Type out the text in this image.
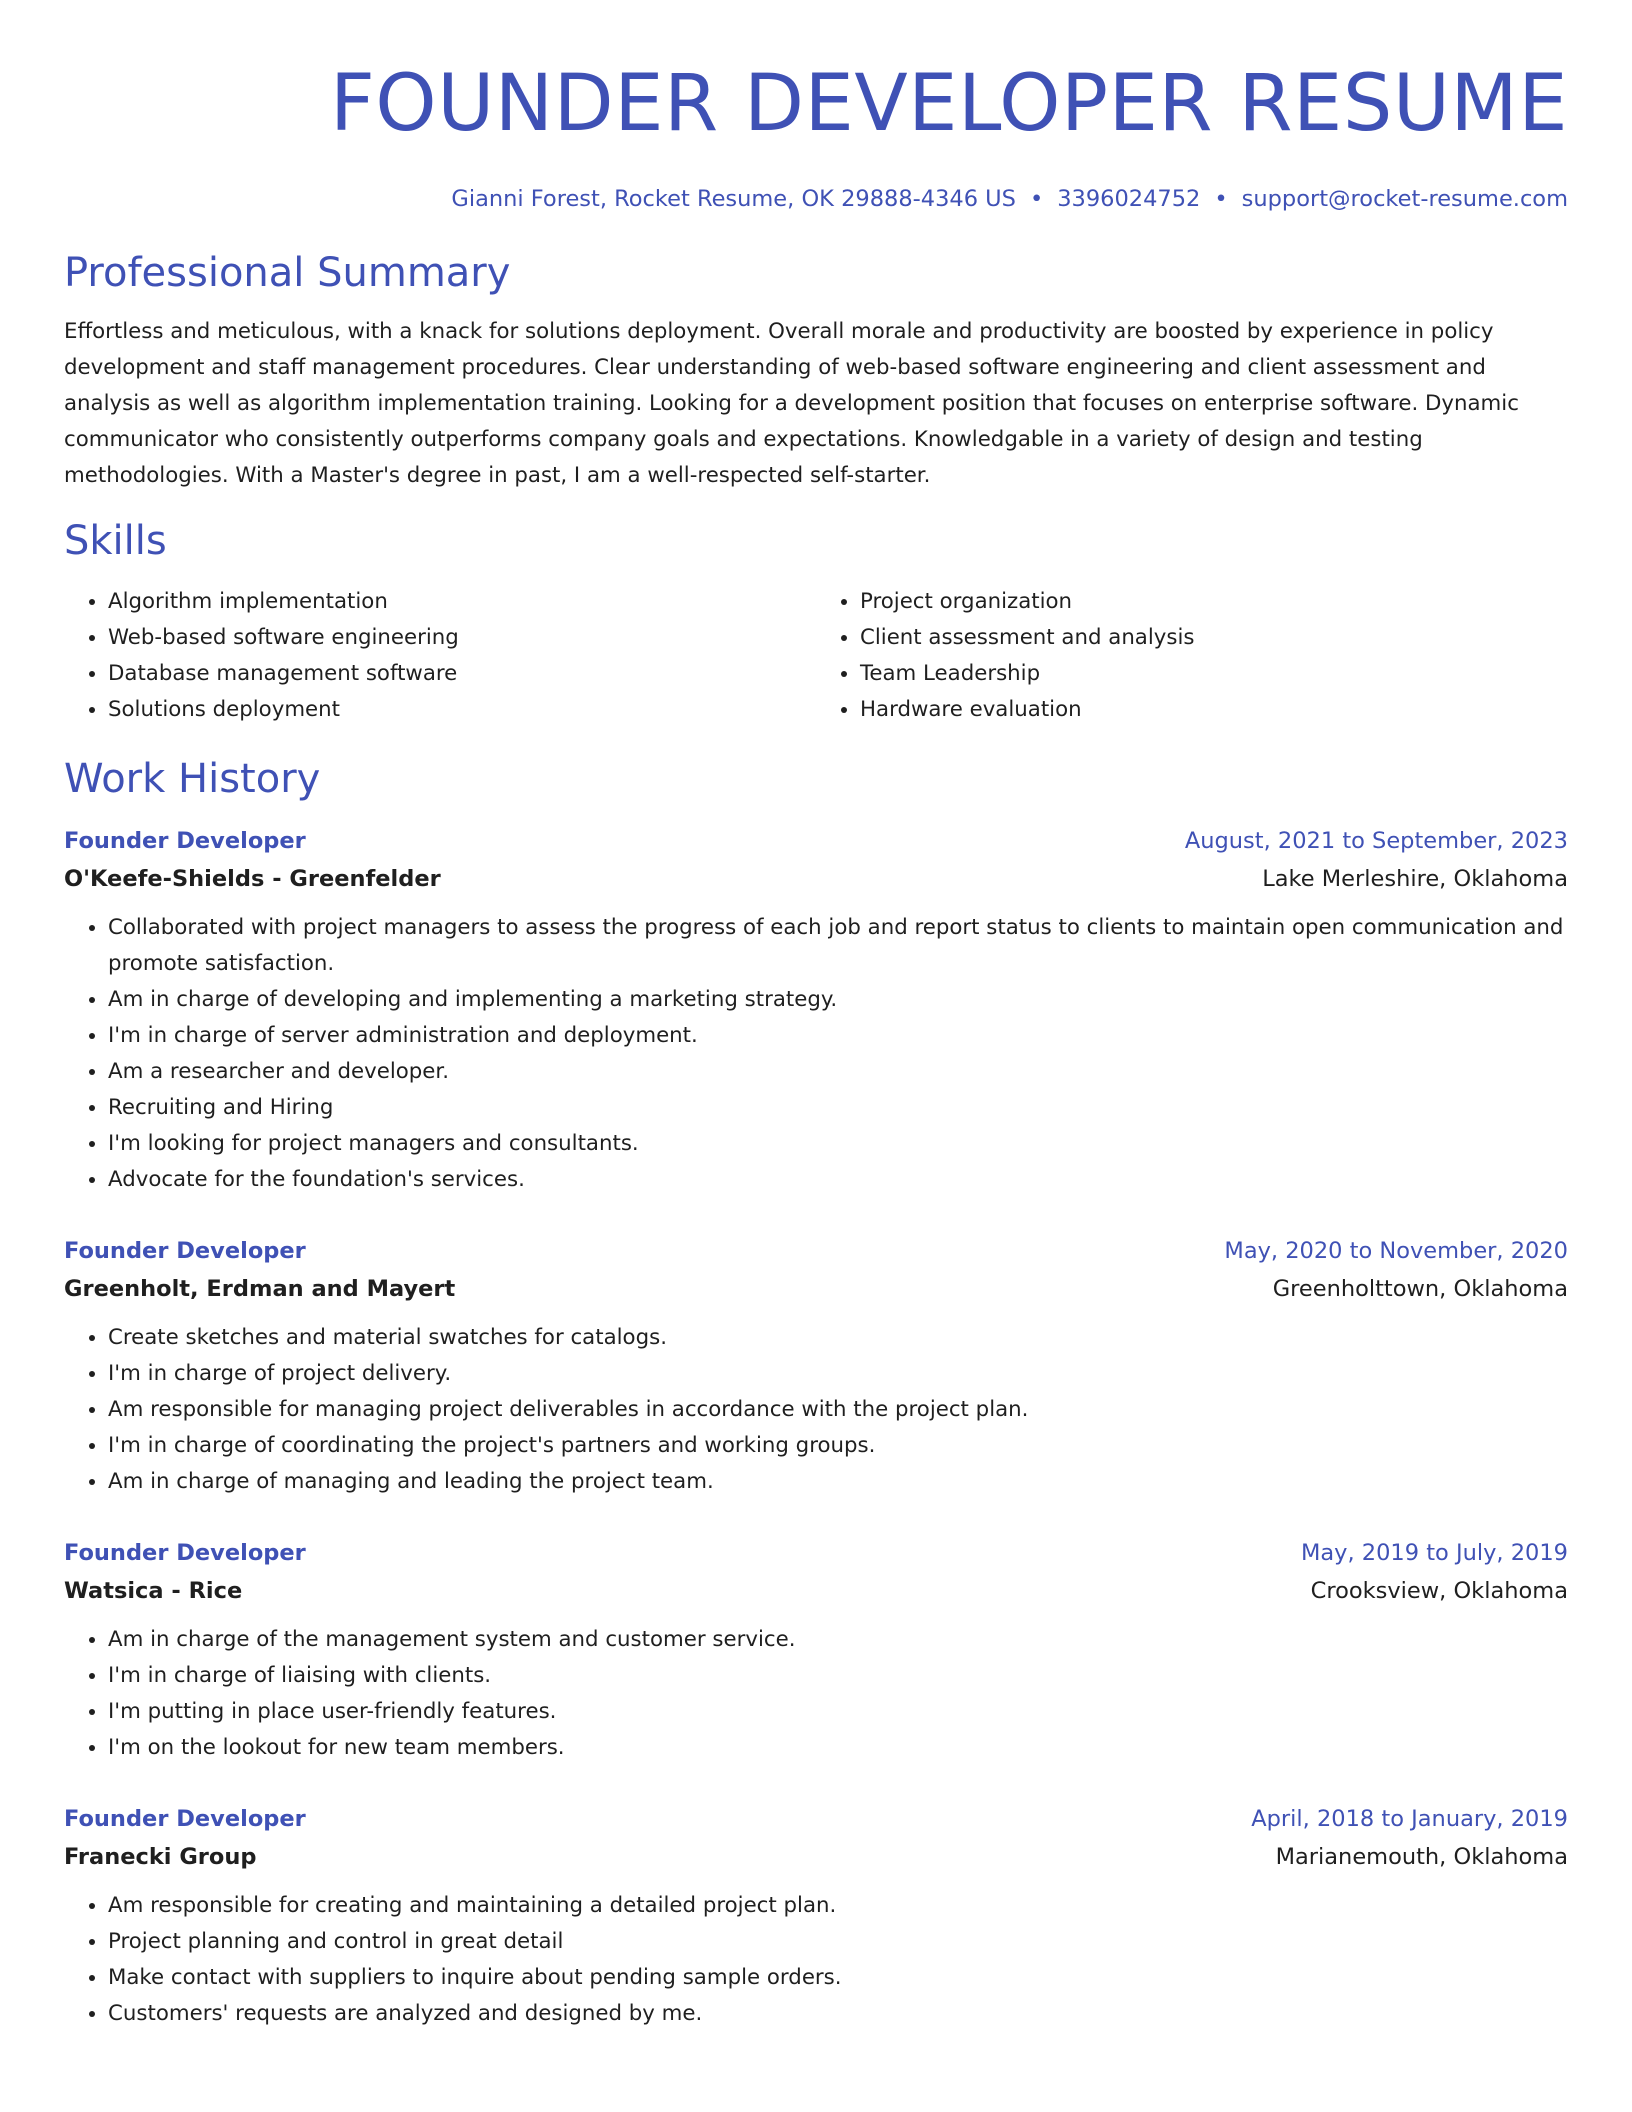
FOUNDER DEVELOPER RESUME
Gianni Forest, Rocket Resume, OK 29888-4346 US • 3396024752 • support@rocket-resume.com
Professional Summary

Effortless and meticulous, with a knack for solutions deployment. Overall morale and productivity are boosted by experience in policy development and staff management procedures. Clear understanding of web-based software engineering and client assessment and analysis as well as algorithm implementation training. Looking for a development position that focuses on enterprise software. Dynamic communicator who consistently outperforms company goals and expectations. Knowledgable in a variety of design and testing methodologies. With a Master's degree in past, I am a well-respected self-starter.

Skills
• Algorithm implementation
• Web-based software engineering
• Database management software
• Solutions deployment
• Project organization
• Client assessment and analysis
• Team Leadership
• Hardware evaluation
Work History
Founder Developer	August, 2021 to September, 2023
O'Keefe-Shields - Greenfelder	Lake Merleshire, Oklahoma
• Collaborated with project managers to assess the progress of each job and report status to clients to maintain open communication and promote satisfaction.
• Am in charge of developing and implementing a marketing strategy.
• I'm in charge of server administration and deployment.
• Am a researcher and developer.
• Recruiting and Hiring
• I'm looking for project managers and consultants.
• Advocate for the foundation's services.
Founder Developer	May, 2020 to November, 2020
Greenholt, Erdman and Mayert	Greenholttown, Oklahoma
• Create sketches and material swatches for catalogs.
• I'm in charge of project delivery.
• Am responsible for managing project deliverables in accordance with the project plan.
• I'm in charge of coordinating the project's partners and working groups.
• Am in charge of managing and leading the project team.
Founder Developer	May, 2019 to July, 2019
Watsica - Rice	Crooksview, Oklahoma
• Am in charge of the management system and customer service.
• I'm in charge of liaising with clients.
• I'm putting in place user-friendly features.
• I'm on the lookout for new team members.
Founder Developer	April, 2018 to January, 2019
Franecki Group	Marianemouth, Oklahoma
• Am responsible for creating and maintaining a detailed project plan.
• Project planning and control in great detail
• Make contact with suppliers to inquire about pending sample orders.
• Customers' requests are analyzed and designed by me.
